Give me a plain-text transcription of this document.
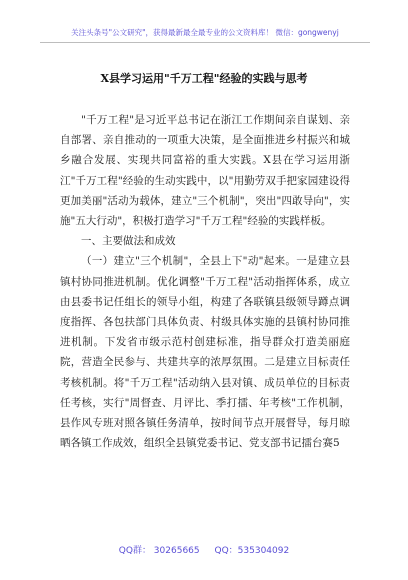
关注头条号"公文研究"，获得最新最全最专业的公文资料库！ 微信：gongwenyj
X县学习运用"千万工程"经验的实践与思考

"千万工程"是习近平总书记在浙江工作期间亲自谋划、亲自部署、亲自推动的一项重大决策，是全面推进乡村振兴和城乡融合发展、实现共同富裕的重大实践。X县在学习运用浙江"千万工程"经验的生动实践中，以"用勤劳双手把家园建设得更加美丽"活动为载体，建立"三个机制"，突出"四敢导向"，实施"五大行动"，积极打造学习"千万工程"经验的实践样板。

一、主要做法和成效

（一）建立"三个机制"，全县上下"动"起来。一是建立县镇村协同推进机制。优化调整"千万工程"活动指挥体系，成立由县委书记任组长的领导小组，构建了各联镇县级领导蹲点调度指挥、各包扶部门具体负责、村级具体实施的县镇村协同推进机制。下发省市级示范村创建标准，指导群众打造美丽庭院，营造全民参与、共建共享的浓厚氛围。二是建立目标责任考核机制。将"千万工程"活动纳入县对镇、成员单位的目标责任考核，实行"周督查、月评比、季打擂、年考核"工作机制，县作风专班对照各镇任务清单，按时间节点开展督导，每月晾晒各镇工作成效，组织全县镇党委书记、党支部书记擂台赛5

QQ群： 30265665 QQ：535304092
